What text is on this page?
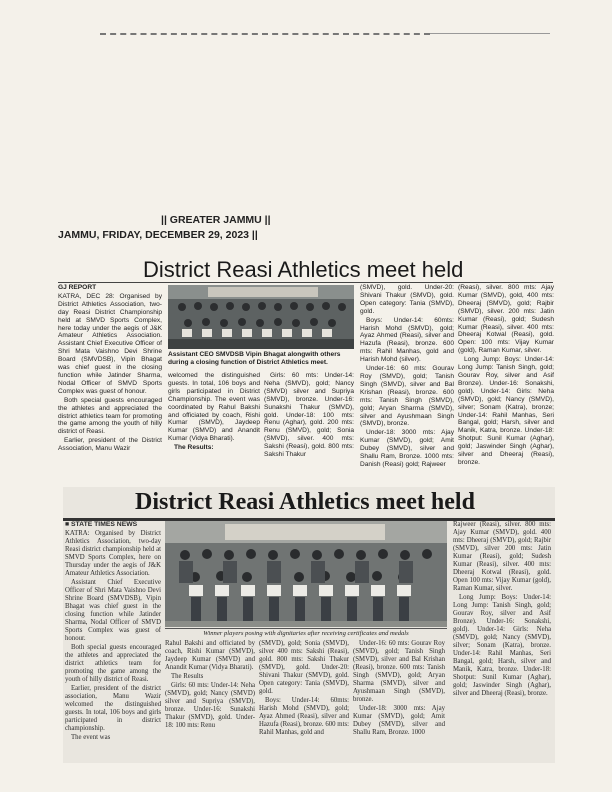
|| GREATER JAMMU ||
JAMMU, FRIDAY, DECEMBER 29, 2023 ||
District Reasi Athletics meet held

GJ REPORT

KATRA, DEC 28: Organised by District Athletics Association, two-day Reasi District Championship held at SMVD Sports Complex, here today under the aegis of J&K Amateur Athletics Association. Assistant Chief Executive Officer of Shri Mata Vaishno Devi Shrine Board (SMVDSB), Vipin Bhagat was chief guest in the closing function while Jatinder Sharma, Nodal Officer of SMVD Sports Complex was guest of honour.

Both special guests encouraged the athletes and appreciated the district athletics team for promoting the game among the youth of hilly district of Reasi.

Earlier, president of the District Association, Manu Wazir

Assistant CEO SMVDSB Vipin Bhagat alongwith others during a closing function of District Athletics meet.

welcomed the distinguished guests. In total, 106 boys and girls participated in District Championship. The event was coordinated by Rahul Bakshi and officiated by coach, Rishi Kumar (SMVD), Jaydeep Kumar (SMVD) and Anandit Kumar (Vidya Bharati).

The Results:

Girls: 60 mts: Under-14: Neha (SMVD), gold; Nancy (SMVD) silver and Supriya (SMVD), bronze. Under-16: Sunakshi Thakur (SMVD), gold. Under-18: 100 mts: Renu (Aghar), gold. 200 mts: Renu (SMVD), gold; Sonia (SMVD), silver. 400 mts: Sakshi (Reasi), gold. 800 mts: Sakshi Thakur

(SMVD), gold. Under-20: Shivani Thakur (SMVD), gold. Open category: Tania (SMVD), gold.

Boys: Under-14: 60mts: Harish Mohd (SMVD), gold; Ayaz Ahmed (Reasi), silver and Hazufa (Reasi), bronze. 600 mts: Rahil Manhas, gold and Harish Mohd (silver).

Under-16: 60 mts: Gourav Roy (SMVD), gold; Tanish Singh (SMVD), silver and Bal Krishan (Reasi), bronze. 600 mts: Tanish Singh (SMVD), gold; Aryan Sharma (SMVD), silver and Ayushmaan Singh (SMVD), bronze.

Under-18: 3000 mts: Ajay Kumar (SMVD), gold; Amit Dubey (SMVD), silver and Shallu Ram, Bronze. 1000 mts: Danish (Reasi) gold; Rajweer

(Reasi), silver. 800 mts: Ajay Kumar (SMVD), gold, 400 mts: Dheeraj (SMVD), gold; Rajbir (SMVD), silver. 200 mts: Jatin Kumar (Reasi), gold; Sudesh Kumar (Reasi), silver. 400 mts: Dheeraj Kotwal (Reasi), gold. Open: 100 mts: Vijay Kumar (gold), Raman Kumar, silver.

Long Jump: Boys: Under-14: Long Jump: Tanish Singh, gold; Gourav Roy, silver and Asif Bronze). Under-16: Sonakshi, gold). Under-14: Girls: Neha (SMVD), gold; Nancy (SMVD), silver; Sonam (Katra), bronze; Under-14: Rahil Manhas, Seri Bangal, gold; Harsh, silver and Manik, Katra, bronze. Under-18: Shotput: Sunil Kumar (Aghar), gold; Jaswinder Singh (Aghar), silver and Dheeraj (Reasi), bronze.

District Reasi Athletics meet held

■ STATE TIMES NEWS

KATRA: Organised by District Athletics Association, two-day Reasi district championship held at SMVD Sports Complex, here on Thursday under the aegis of J&K Amateur Athletics Association.

Assistant Chief Executive Officer of Shri Mata Vaishno Devi Shrine Board (SMVDSB), Vipin Bhagat was chief guest in the closing function while Jatinder Sharma, Nodal Officer of SMVD Sports Complex was guest of honour.

Both special guests encouraged the athletes and appreciated the district athletics team for promoting the game among the youth of hilly district of Reasi.

Earlier, president of the district association, Manu Wazir welcomed the distinguished guests. In total, 106 boys and girls participated in district championship.

The event was

Winner players posing with dignitaries after receiving certificates and medals

Rahul Bakshi and officiated by coach, Rishi Kumar (SMVD), Jaydeep Kumar (SMVD) and Anandit Kumar (Vidya Bharati).

The Results

Girls: 60 mts: Under-14: Neha (SMVD), gold; Nancy (SMVD) silver and Supriya (SMVD), bronze. Under-16: Sunakshi Thakur (SMVD), gold. Under-18: 100 mts: Renu

(SMVD), gold; Sonia (SMVD), silver 400 mts: Sakshi (Reasi), gold. 800 mts: Sakshi Thakur (SMVD), gold. Under-20: Shivani Thakur (SMVD), gold. Open category: Tania (SMVD), gold.

Boys: Under-14: 60mts: Harish Mohd (SMVD), gold; Ayaz Ahmed (Reasi), silver and Hazufa (Reasi), bronze. 600 mts: Rahil Manhas, gold and

Under-16: 60 mts: Gourav Roy (SMVD), gold; Tanish Singh (SMVD), silver and Bal Krishan (Reasi), bronze. 600 mts: Tanish Singh (SMVD), gold; Aryan Sharma (SMVD), silver and Ayushmaan Singh (SMVD), bronze.

Under-18: 3000 mts: Ajay Kumar (SMVD), gold; Amit Dubey (SMVD), silver and Shallu Ram, Bronze. 1000

Rajweer (Reasi), silver. 800 mts: Ajay Kumar (SMVD), gold. 400 mts: Dheeraj (SMVD), gold; Rajbir (SMVD), silver 200 mts: Jatin Kumar (Reasi), gold; Sudesh Kumar (Reasi), silver. 400 mts: Dheeraj Kotwal (Reasi), gold. Open 100 mts: Vijay Kumar (gold), Raman Kumar, silver.

Long Jump: Boys: Under-14: Long Jump: Tanish Singh, gold; Gourav Roy, silver and Asif Bronze). Under-16: Sonakshi, gold). Under-14: Girls: Neha (SMVD), gold; Nancy (SMVD), silver; Sonam (Katra), bronze. Under-14: Rahil Manhas, Seri Bangal, gold; Harsh, silver and Manik, Katra, bronze. Under-18: Shotput: Sunil Kumar (Aghar), gold; Jaswinder Singh (Aghar), silver and Dheeraj (Reasi), bronze.
